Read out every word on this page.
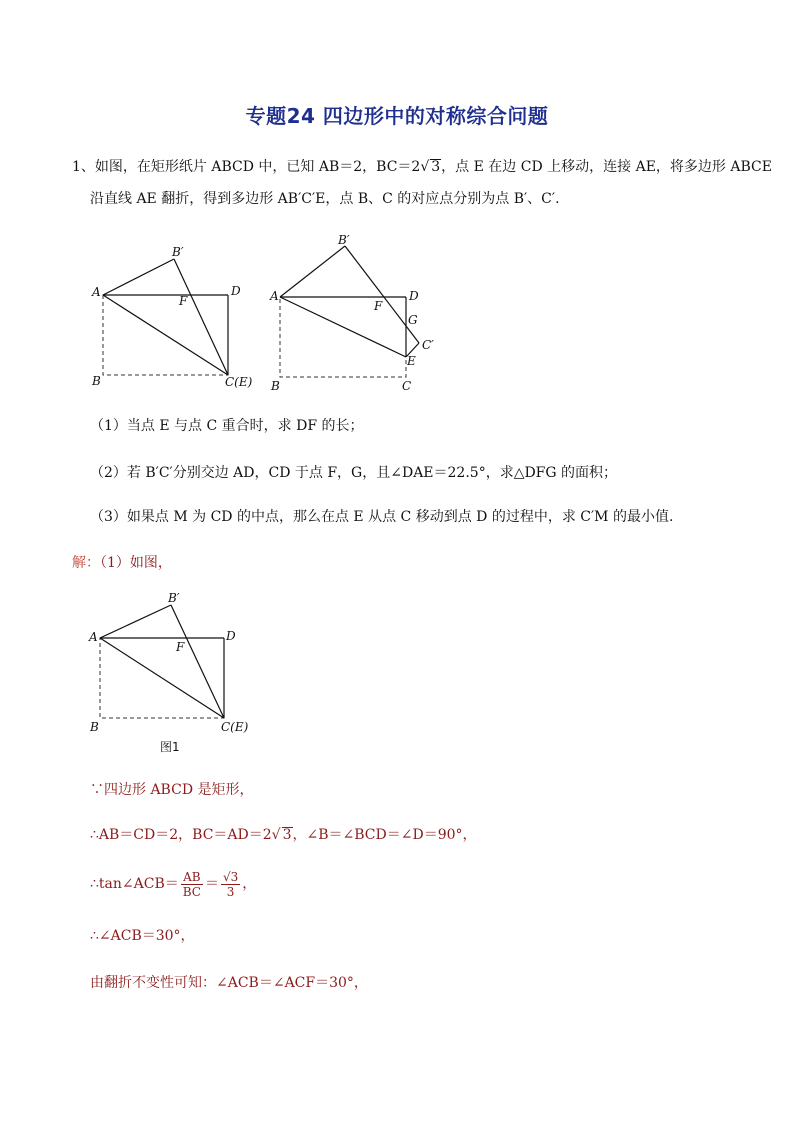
专题24 四边形中的对称综合问题
1、如图，在矩形纸片 ABCD 中，已知 AB＝2，BC＝2√ 3，点 E 在边 CD 上移动，连接 AE，将多边形 ABCE
沿直线 AE 翻折，得到多边形 AB′C′E，点 B、C 的对应点分别为点 B′、C′.
A
B
B′
D
F
C(E)
A
B
B′
D
F
G
C′
E
C
（1）当点 E 与点 C 重合时，求 DF 的长；
（2）若 B′C′分别交边 AD，CD 于点 F，G，且∠DAE＝22.5°，求△DFG 的面积；
（3）如果点 M 为 CD 的中点，那么在点 E 从点 C 移动到点 D 的过程中，求 C′M 的最小值.
解：（1）如图，
A
B
B′
D
F
C(E)
图1
∵四边形 ABCD 是矩形，
∴AB＝CD＝2，BC＝AD＝2√ 3，∠B＝∠BCD＝∠D＝90°，
∴tan∠ACB＝ $\frac{AB}{BC} = \frac{√3}{3}$ ，
∴∠ACB＝30°，
由翻折不变性可知：∠ACB＝∠ACF＝30°，
